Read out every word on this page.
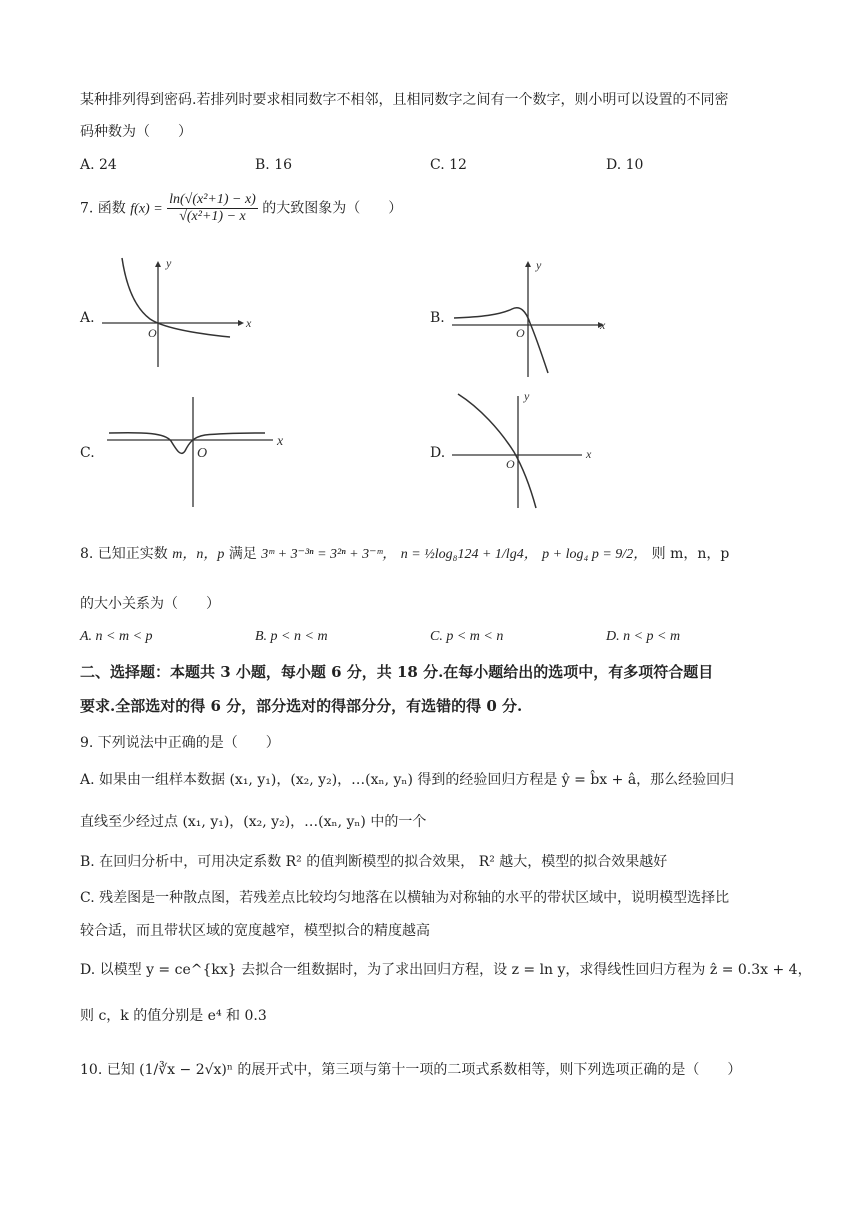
某种排列得到密码.若排列时要求相同数字不相邻，且相同数字之间有一个数字，则小明可以设置的不同密
码种数为（　　）
A. 24	B. 16	C. 12	D. 10
7. 函数 $f(x) = \frac{\text{ln(√(x²+1) − x)}}{\text{√(x²+1) − x}}$ 的大致图象为（　　）
A.	B.
C.	D.
x
y
O
x
y
O
x
O	x
y
O
8. 已知正实数 m，n，p 满足 3ᵐ + 3⁻³ⁿ = 3²ⁿ + 3⁻ᵐ， n = ½log₈124 + 1/lg4， p + log₄ p = 9/2， 则 m，n，p
的大小关系为（　　）
A. n < m < p	B. p < n < m	C. p < m < n	D. n < p < m
二、选择题：本题共 3 小题，每小题 6 分，共 18 分.在每小题给出的选项中，有多项符合题目
要求.全部选对的得 6 分，部分选对的得部分分，有选错的得 0 分.
9. 下列说法中正确的是（　　）
A. 如果由一组样本数据 (x₁, y₁)，(x₂, y₂)，…(xₙ, yₙ) 得到的经验回归方程是 ŷ = b̂x + â，那么经验回归
直线至少经过点 (x₁, y₁)，(x₂, y₂)，…(xₙ, yₙ) 中的一个
B. 在回归分析中，可用决定系数 R² 的值判断模型的拟合效果， R² 越大，模型的拟合效果越好
C. 残差图是一种散点图，若残差点比较均匀地落在以横轴为对称轴的水平的带状区域中，说明模型选择比
较合适，而且带状区域的宽度越窄，模型拟合的精度越高
D. 以模型 y = ce^{kx} 去拟合一组数据时，为了求出回归方程，设 z = ln y，求得线性回归方程为 ẑ = 0.3x + 4，
则 c，k 的值分别是 e⁴ 和 0.3
10. 已知 (1/∛x − 2√x)ⁿ 的展开式中，第三项与第十一项的二项式系数相等，则下列选项正确的是（　　）
